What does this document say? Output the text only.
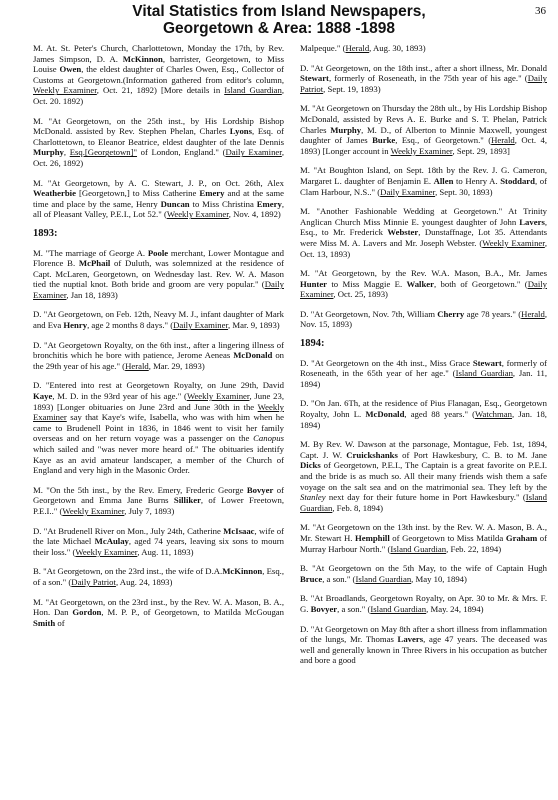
36
Vital Statistics from Island Newspapers,
Georgetown & Area: 1888 -1898

M. At. St. Peter's Church, Charlottetown, Monday the 17th, by Rev. James Simpson, D. A. McKinnon, barrister, Georgetown, to Miss Louise Owen, the eldest daughter of Charles Owen, Esq., Collector of Customs at Georgetown.(Information gathered from editor's column, Weekly Examiner, Oct. 21, 1892) [More details in Island Guardian, Oct. 20. 1892)

M. "At Georgetown, on the 25th inst., by His Lordship Bishop McDonald. assisted by Rev. Stephen Phelan, Charles Lyons, Esq. of Charlottetown, to Eleanor Beatrice, eldest daughter of the late Dennis Murphy, Esq.[Georgetown]" of London, England." (Daily Examiner, Oct. 26, 1892)

M. "At Georgetown, by A. C. Stewart, J. P., on Oct. 26th, Alex Weatherbie [Georgetown,] to Miss Catherine Emery and at the same time and place by the same, Henry Duncan to Miss Christina Emery, all of Pleasant Valley, P.E.I., Lot 52." (Weekly Examiner, Nov. 4, 1892)

1893:

M. "The marriage of George A. Poole merchant, Lower Montague and Florence B. McPhail of Duluth, was solemnized at the residence of Capt. McLaren, Georgetown, on Wednesday last. Rev. W. A. Mason tied the nuptial knot. Both bride and groom are very popular." (Daily Examiner, Jan 18, 1893)

D. "At Georgetown, on Feb. 12th, Neavy M. J., infant daughter of Mark and Eva Henry, age 2 months 8 days." (Daily Examiner, Mar. 9, 1893)

D. "At Georgetown Royalty, on the 6th inst., after a lingering illness of bronchitis which he bore with patience, Jerome Aeneas McDonald on the 29th year of his age." (Herald, Mar. 29, 1893)

D. "Entered into rest at Georgetown Royalty, on June 29th, David Kaye, M. D. in the 93rd year of his age." (Weekly Examiner, June 23, 1893) [Longer obituaries on June 23rd and June 30th in the Weekly Examiner say that Kaye's wife, Isabella, who was with him when he came to Brudenell Point in 1836, in 1846 went to visit her family overseas and on her return voyage was a passenger on the Canopus which sailed and "was never more heard of." The obituaries identify Kaye as an avid amateur landscaper, a member of the Church of England and very high in the Masonic Order.

M. "On the 5th inst., by the Rev. Emery, Frederic George Bovyer of Georgetown and Emma Jane Burns Silliker, of Lower Freetown, P.E.I.." (Weekly Examiner, July 7, 1893)

D. "At Brudenell River on Mon., July 24th, Catherine McIsaac, wife of the late Michael McAulay, aged 74 years, leaving six sons to mourn their loss." (Weekly Examiner, Aug. 11, 1893)

B. "At Georgetown, on the 23rd inst., the wife of D.A.McKinnon, Esq., of a son." (Daily Patriot, Aug. 24, 1893)

M. "At Georgetown, on the 23rd inst., by the Rev. W. A. Mason, B. A., Hon. Dan Gordon, M. P. P., of Georgetown, to Matilda McGougan Smith of

Malpeque." (Herald, Aug. 30, 1893)

D. "At Georgetown, on the 18th inst., after a short illness, Mr. Donald Stewart, formerly of Roseneath, in the 75th year of his age." (Daily Patriot, Sept. 19, 1893)

M. "At Georgetown on Thursday the 28th ult., by His Lordship Bishop McDonald, assisted by Revs A. E. Burke and S. T. Phelan, Patrick Charles Murphy, M. D., of Alberton to Minnie Maxwell, youngest daughter of James Burke, Esq., of Georgetown." (Herald, Oct. 4, 1893) [Longer account in Weekly Examiner, Sept. 29, 1893]

M. "At Boughton Island, on Sept. 18th by the Rev. J. G. Cameron, Margaret L. daughter of Benjamin E. Allen to Henry A. Stoddard, of Clam Harbour, N.S.." (Daily Examiner, Sept. 30, 1893)

M. "Another Fashionable Wedding at Georgetown." At Trinity Anglican Church Miss Minnie E. youngest daughter of John Lavers, Esq., to Mr. Frederick Webster, Dunstaffnage, Lot 35. Attendants were Miss M. A. Lavers and Mr. Joseph Webster. (Weekly Examiner, Oct. 13, 1893)

M. "At Georgetown, by the Rev. W.A. Mason, B.A., Mr. James Hunter to Miss Maggie E. Walker, both of Georgetown." (Daily Examiner, Oct. 25, 1893)

D. "At Georgetown, Nov. 7th, William Cherry age 78 years." (Herald, Nov. 15, 1893)

1894:

D. "At Georgetown on the 4th inst., Miss Grace Stewart, formerly of Roseneath, in the 65th year of her age." (Island Guardian, Jan. 11, 1894)

D. "On Jan. 6Th, at the residence of Pius Flanagan, Esq., Georgetown Royalty, John L. McDonald, aged 88 years." (Watchman, Jan. 18, 1894)

M. By Rev. W. Dawson at the parsonage, Montague, Feb. 1st, 1894, Capt. J. W. Cruickshanks of Port Hawkesbury, C. B. to M. Jane Dicks of Georgetown, P.E.I., The Captain is a great favorite on P.E.I. and the bride is as much so. All their many friends wish them a safe voyage on the salt sea and on the matrimonial sea. They left by the Stanley next day for their future home in Port Hawkesbury." (Island Guardian, Feb. 8, 1894)

M. "At Georgetown on the 13th inst. by the Rev. W. A. Mason, B. A., Mr. Stewart H. Hemphill of Georgetown to Miss Matilda Graham of Murray Harbour North." (Island Guardian, Feb. 22, 1894)

B. "At Georgetown on the 5th May, to the wife of Captain Hugh Bruce, a son." (Island Guardian, May 10, 1894)

B. "At Broadlands, Georgetown Royalty, on Apr. 30 to Mr. & Mrs. F. G. Bovyer, a son." (Island Guardian, May. 24, 1894)

D. "At Georgetown on May 8th after a short illness from inflammation of the lungs, Mr. Thomas Lavers, age 47 years. The deceased was well and generally known in Three Rivers in his occupation as butcher and bore a good
